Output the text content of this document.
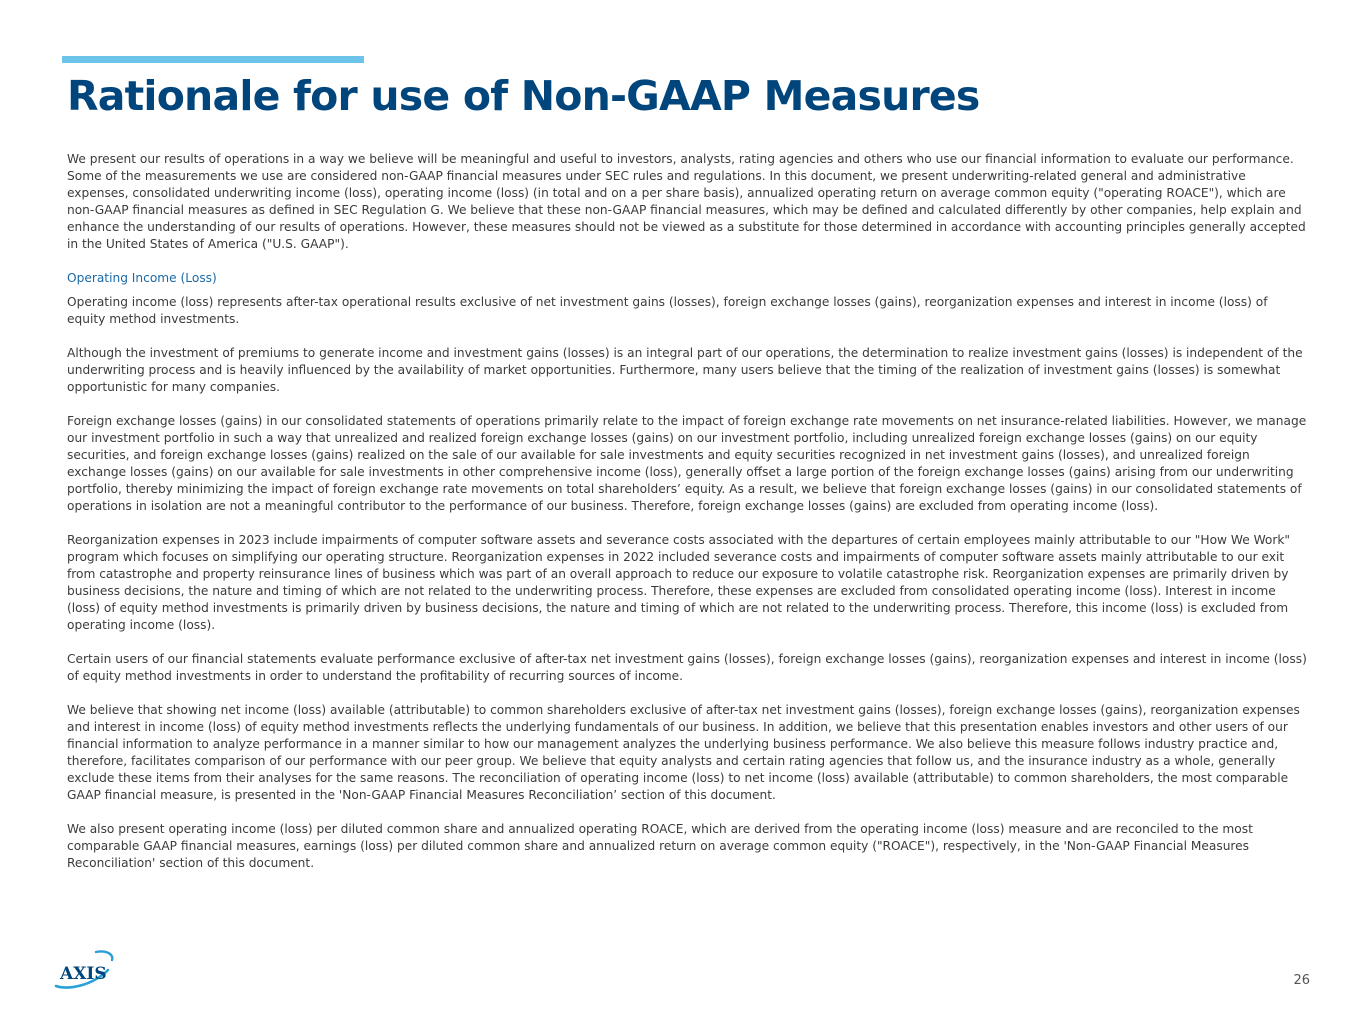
Rationale for use of Non-GAAP Measures

We present our results of operations in a way we believe will be meaningful and useful to investors, analysts, rating agencies and others who use our financial information to evaluate our performance. Some of the measurements we use are considered non-GAAP financial measures under SEC rules and regulations. In this document, we present underwriting-related general and administrative expenses, consolidated underwriting income (loss), operating income (loss) (in total and on a per share basis), annualized operating return on average common equity ("operating ROACE"), which are non-GAAP financial measures as defined in SEC Regulation G. We believe that these non-GAAP financial measures, which may be defined and calculated differently by other companies, help explain and enhance the understanding of our results of operations. However, these measures should not be viewed as a substitute for those determined in accordance with accounting principles generally accepted in the United States of America ("U.S. GAAP").

Operating Income (Loss)

Operating income (loss) represents after-tax operational results exclusive of net investment gains (losses), foreign exchange losses (gains), reorganization expenses and interest in income (loss) of equity method investments.

Although the investment of premiums to generate income and investment gains (losses) is an integral part of our operations, the determination to realize investment gains (losses) is independent of the underwriting process and is heavily influenced by the availability of market opportunities. Furthermore, many users believe that the timing of the realization of investment gains (losses) is somewhat opportunistic for many companies.

Foreign exchange losses (gains) in our consolidated statements of operations primarily relate to the impact of foreign exchange rate movements on net insurance-related liabilities. However, we manage our investment portfolio in such a way that unrealized and realized foreign exchange losses (gains) on our investment portfolio, including unrealized foreign exchange losses (gains) on our equity securities, and foreign exchange losses (gains) realized on the sale of our available for sale investments and equity securities recognized in net investment gains (losses), and unrealized foreign exchange losses (gains) on our available for sale investments in other comprehensive income (loss), generally offset a large portion of the foreign exchange losses (gains) arising from our underwriting portfolio, thereby minimizing the impact of foreign exchange rate movements on total shareholders’ equity. As a result, we believe that foreign exchange losses (gains) in our consolidated statements of operations in isolation are not a meaningful contributor to the performance of our business. Therefore, foreign exchange losses (gains) are excluded from operating income (loss).

Reorganization expenses in 2023 include impairments of computer software assets and severance costs associated with the departures of certain employees mainly attributable to our "How We Work" program which focuses on simplifying our operating structure. Reorganization expenses in 2022 included severance costs and impairments of computer software assets mainly attributable to our exit from catastrophe and property reinsurance lines of business which was part of an overall approach to reduce our exposure to volatile catastrophe risk. Reorganization expenses are primarily driven by business decisions, the nature and timing of which are not related to the underwriting process. Therefore, these expenses are excluded from consolidated operating income (loss). Interest in income (loss) of equity method investments is primarily driven by business decisions, the nature and timing of which are not related to the underwriting process. Therefore, this income (loss) is excluded from operating income (loss).

Certain users of our financial statements evaluate performance exclusive of after-tax net investment gains (losses), foreign exchange losses (gains), reorganization expenses and interest in income (loss) of equity method investments in order to understand the profitability of recurring sources of income.

We believe that showing net income (loss) available (attributable) to common shareholders exclusive of after-tax net investment gains (losses), foreign exchange losses (gains), reorganization expenses and interest in income (loss) of equity method investments reflects the underlying fundamentals of our business. In addition, we believe that this presentation enables investors and other users of our financial information to analyze performance in a manner similar to how our management analyzes the underlying business performance. We also believe this measure follows industry practice and, therefore, facilitates comparison of our performance with our peer group. We believe that equity analysts and certain rating agencies that follow us, and the insurance industry as a whole, generally exclude these items from their analyses for the same reasons. The reconciliation of operating income (loss) to net income (loss) available (attributable) to common shareholders, the most comparable GAAP financial measure, is presented in the 'Non-GAAP Financial Measures Reconciliation’ section of this document.

We also present operating income (loss) per diluted common share and annualized operating ROACE, which are derived from the operating income (loss) measure and are reconciled to the most comparable GAAP financial measures, earnings (loss) per diluted common share and annualized return on average common equity ("ROACE"), respectively, in the 'Non-GAAP Financial Measures Reconciliation' section of this document.

AXIS	26
